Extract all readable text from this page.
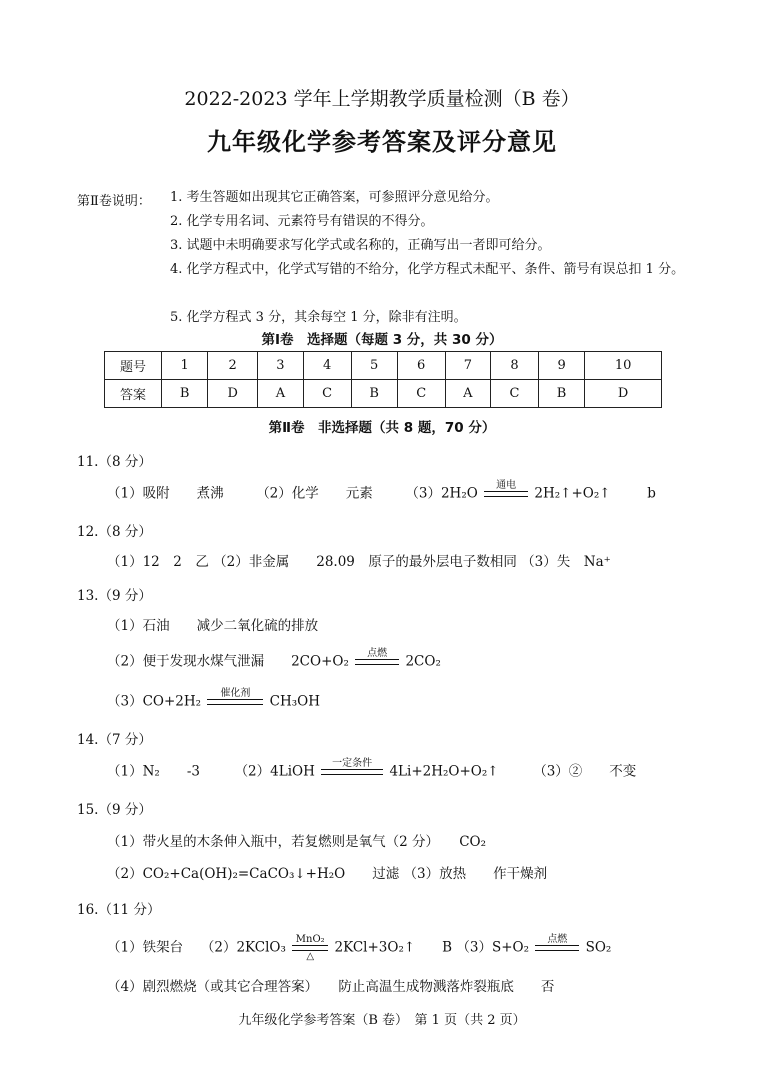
2022-2023 学年上学期教学质量检测（B 卷）
九年级化学参考答案及评分意见
第Ⅱ卷说明： 1. 考生答题如出现其它正确答案，可参照评分意见给分。
2. 化学专用名词、元素符号有错误的不得分。
3. 试题中未明确要求写化学式或名称的，正确写出一者即可给分。
4. 化学方程式中，化学式写错的不给分，化学方程式未配平、条件、箭号有误总扣 1 分。
5. 化学方程式 3 分，其余每空 1 分，除非有注明。
第Ⅰ卷　选择题（每题 3 分，共 30 分）
题号	1	2	3	4	5	6	7	8	9	10
答案	B	D	A	C	B	C	A	C	B	D
第Ⅱ卷　非选择题（共 8 题，70 分）
11.（8 分）
（1）吸附　　煮沸 （2）化学　　元素 （3）2H₂O	通电
	2H₂↑+O₂↑	b
12.（8 分）
（1）12　2　乙 （2）非金属　　28.09　原子的最外层电子数相同 （3）失　Na⁺
13.（9 分）
（1）石油　　减少二氧化硫的排放
（2）便于发现水煤气泄漏　　2CO+O₂	点燃
	2CO₂
（3）CO+2H₂	催化剂
	CH₃OH
14.（7 分）
（1）N₂　　-3	（2）4LiOH	一定条件
	4Li+2H₂O+O₂↑	（3）②　　不变
15.（9 分）
（1）带火星的木条伸入瓶中，若复燃则是氧气（2 分）　　CO₂
（2）CO₂+Ca(OH)₂=CaCO₃↓+H₂O　　过滤 （3）放热　　作干燥剂
16.（11 分）
（1）铁架台　 （2）2KClO₃ MnO₂
△
2KCl+3O₂↑　　B （3）S+O₂	点燃
	SO₂
（4）剧烈燃烧（或其它合理答案）　　防止高温生成物溅落炸裂瓶底　　否
九年级化学参考答案（B 卷）　第 1 页（共 2 页）
